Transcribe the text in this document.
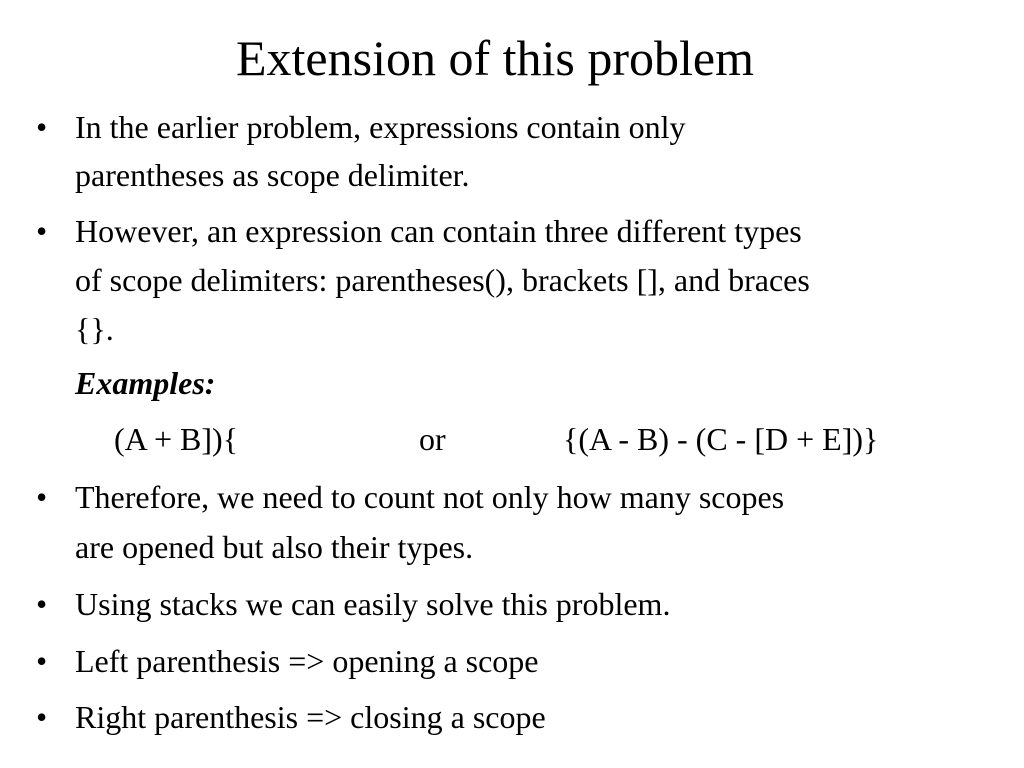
Extension of this problem
• In the earlier problem, expressions contain only
parentheses as scope delimiter.
• However, an expression can contain three different types
of scope delimiters: parentheses(), brackets [], and braces
{}.
Examples:
(A + B]){	or	{(A - B) - (C - [D + E])}
• Therefore, we need to count not only how many scopes
are opened but also their types.
• Using stacks we can easily solve this problem.
• Left parenthesis => opening a scope
• Right parenthesis => closing a scope
